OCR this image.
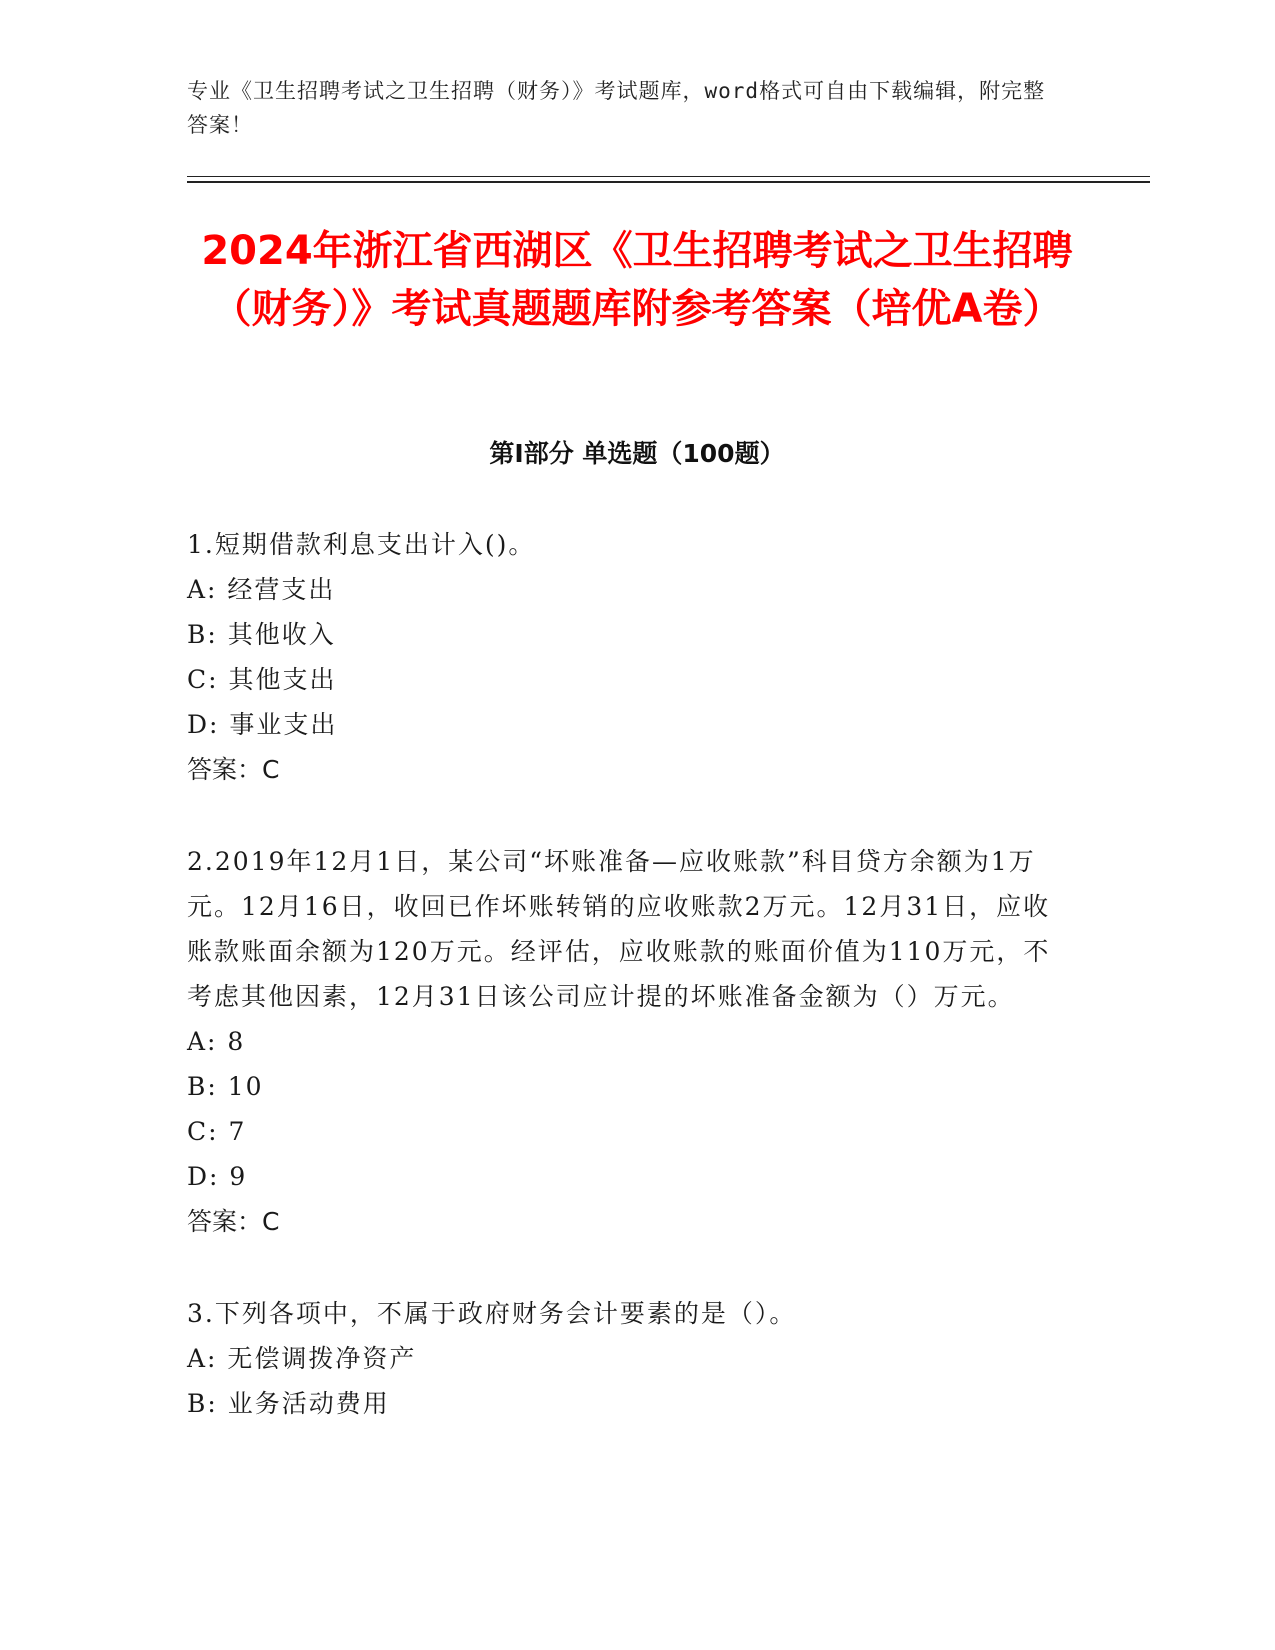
专业《卫生招聘考试之卫生招聘（财务）》考试题库，word格式可自由下载编辑，附完整答案！
2024年浙江省西湖区《卫生招聘考试之卫生招聘（财务）》考试真题题库附参考答案（培优A卷）
第I部分 单选题（100题）

1.短期借款利息支出计入()。

A: 经营支出

B: 其他收入

C: 其他支出

D: 事业支出

答案：C

2.2019年12月1日，某公司“坏账准备—应收账款”科目贷方余额为1万元。12月16日，收回已作坏账转销的应收账款2万元。12月31日，应收账款账面余额为120万元。经评估，应收账款的账面价值为110万元，不考虑其他因素，12月31日该公司应计提的坏账准备金额为（）万元。

A: 8

B: 10

C: 7

D: 9

答案：C

3.下列各项中，不属于政府财务会计要素的是（）。

A: 无偿调拨净资产

B: 业务活动费用
